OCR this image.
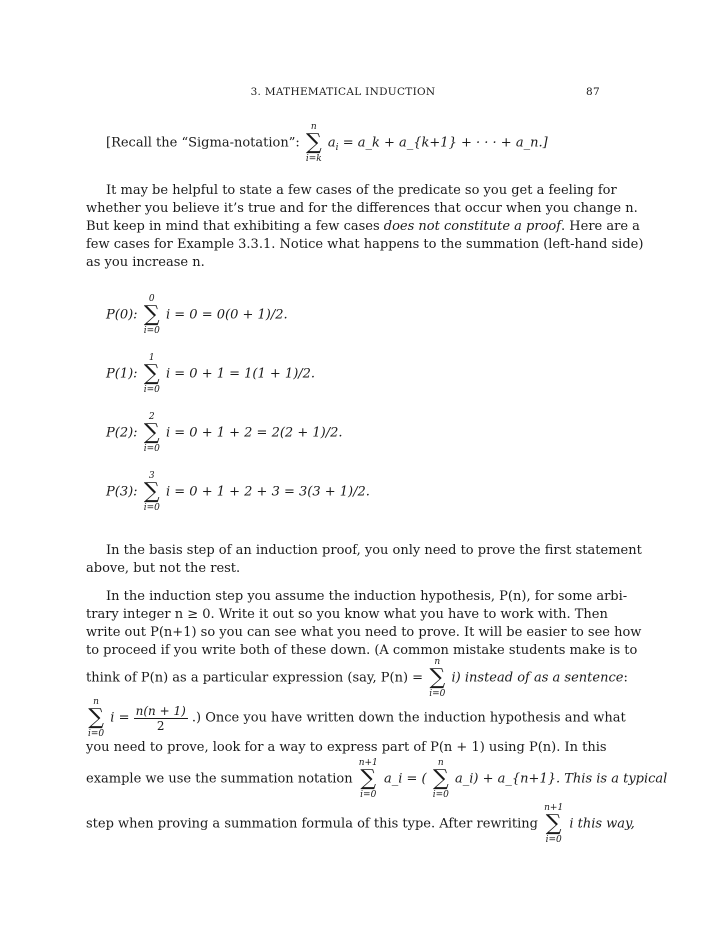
3. MATHEMATICAL INDUCTION	87
[Recall the “Sigma-notation”:
n
∑
i=k
$a_i$ = a_k + a_{k+1} + · · · + a_n.]
It may be helpful to state a few cases of the predicate so you get a feeling for
whether you believe it’s true and for the differences that occur when you change n.
But keep in mind that exhibiting a few cases does not constitute a proof. Here are a
few cases for Example 3.3.1. Notice what happens to the summation (left-hand side)
as you increase n.
P(0):
0
∑
i=0
i = 0 = 0(0 + 1)/2.
P(1):
1
∑
i=0
i = 0 + 1 = 1(1 + 1)/2.
P(2):
2
∑
i=0
i = 0 + 1 + 2 = 2(2 + 1)/2.
P(3):
3
∑
i=0
i = 0 + 1 + 2 + 3 = 3(3 + 1)/2.
In the basis step of an induction proof, you only need to prove the first statement
above, but not the rest.
In the induction step you assume the induction hypothesis, P(n), for some arbi-
trary integer n ≥ 0. Write it out so you know what you have to work with. Then
write out P(n+1) so you can see what you need to prove. It will be easier to see how
to proceed if you write both of these down. (A common mistake students make is to
think of P(n) as a particular expression (say, P(n) =
n
∑
i=0
i) instead of as a sentence:
n
∑
i=0
$i = \frac{n(n + 1)}{2}$ .) Once you have written down the induction hypothesis and what
you need to prove, look for a way to express part of P(n + 1) using P(n). In this
example we use the summation notation
n+1
∑
i=0
a_i = (
n
∑
i=0
a_i) + a_{n+1}. This is a typical
step when proving a summation formula of this type. After rewriting
n+1
∑
i=0
i this way,
